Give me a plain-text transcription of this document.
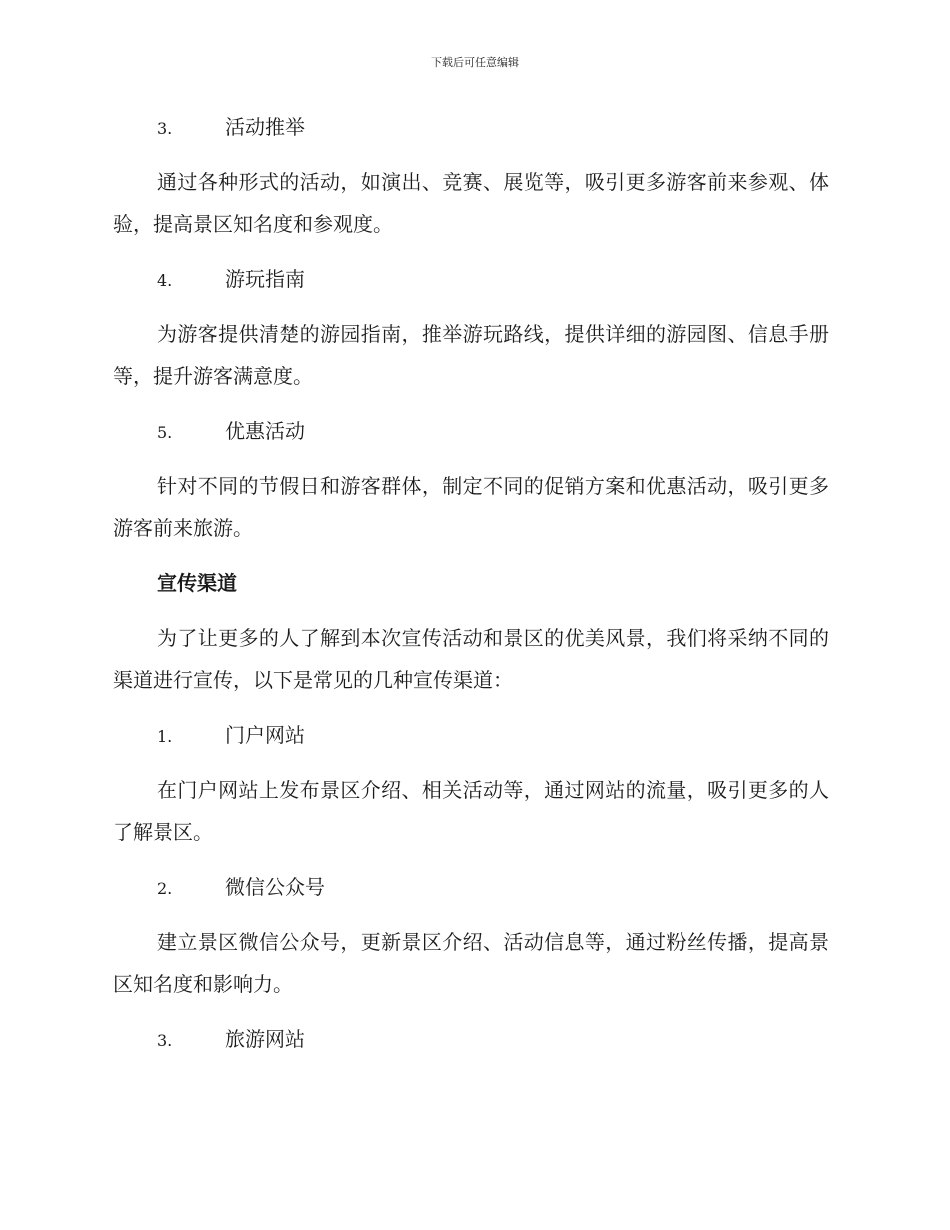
下载后可任意编辑
3.	活动推举
通过各种形式的活动，如演出、竞赛、展览等，吸引更多游客前来参观、体验，提高景区知名度和参观度。
4.	游玩指南
为游客提供清楚的游园指南，推举游玩路线，提供详细的游园图、信息手册等，提升游客满意度。
5.	优惠活动
针对不同的节假日和游客群体，制定不同的促销方案和优惠活动，吸引更多游客前来旅游。
宣传渠道
为了让更多的人了解到本次宣传活动和景区的优美风景，我们将采纳不同的渠道进行宣传，以下是常见的几种宣传渠道：
1.	门户网站
在门户网站上发布景区介绍、相关活动等，通过网站的流量，吸引更多的人了解景区。
2.	微信公众号
建立景区微信公众号，更新景区介绍、活动信息等，通过粉丝传播，提高景区知名度和影响力。
3.	旅游网站
